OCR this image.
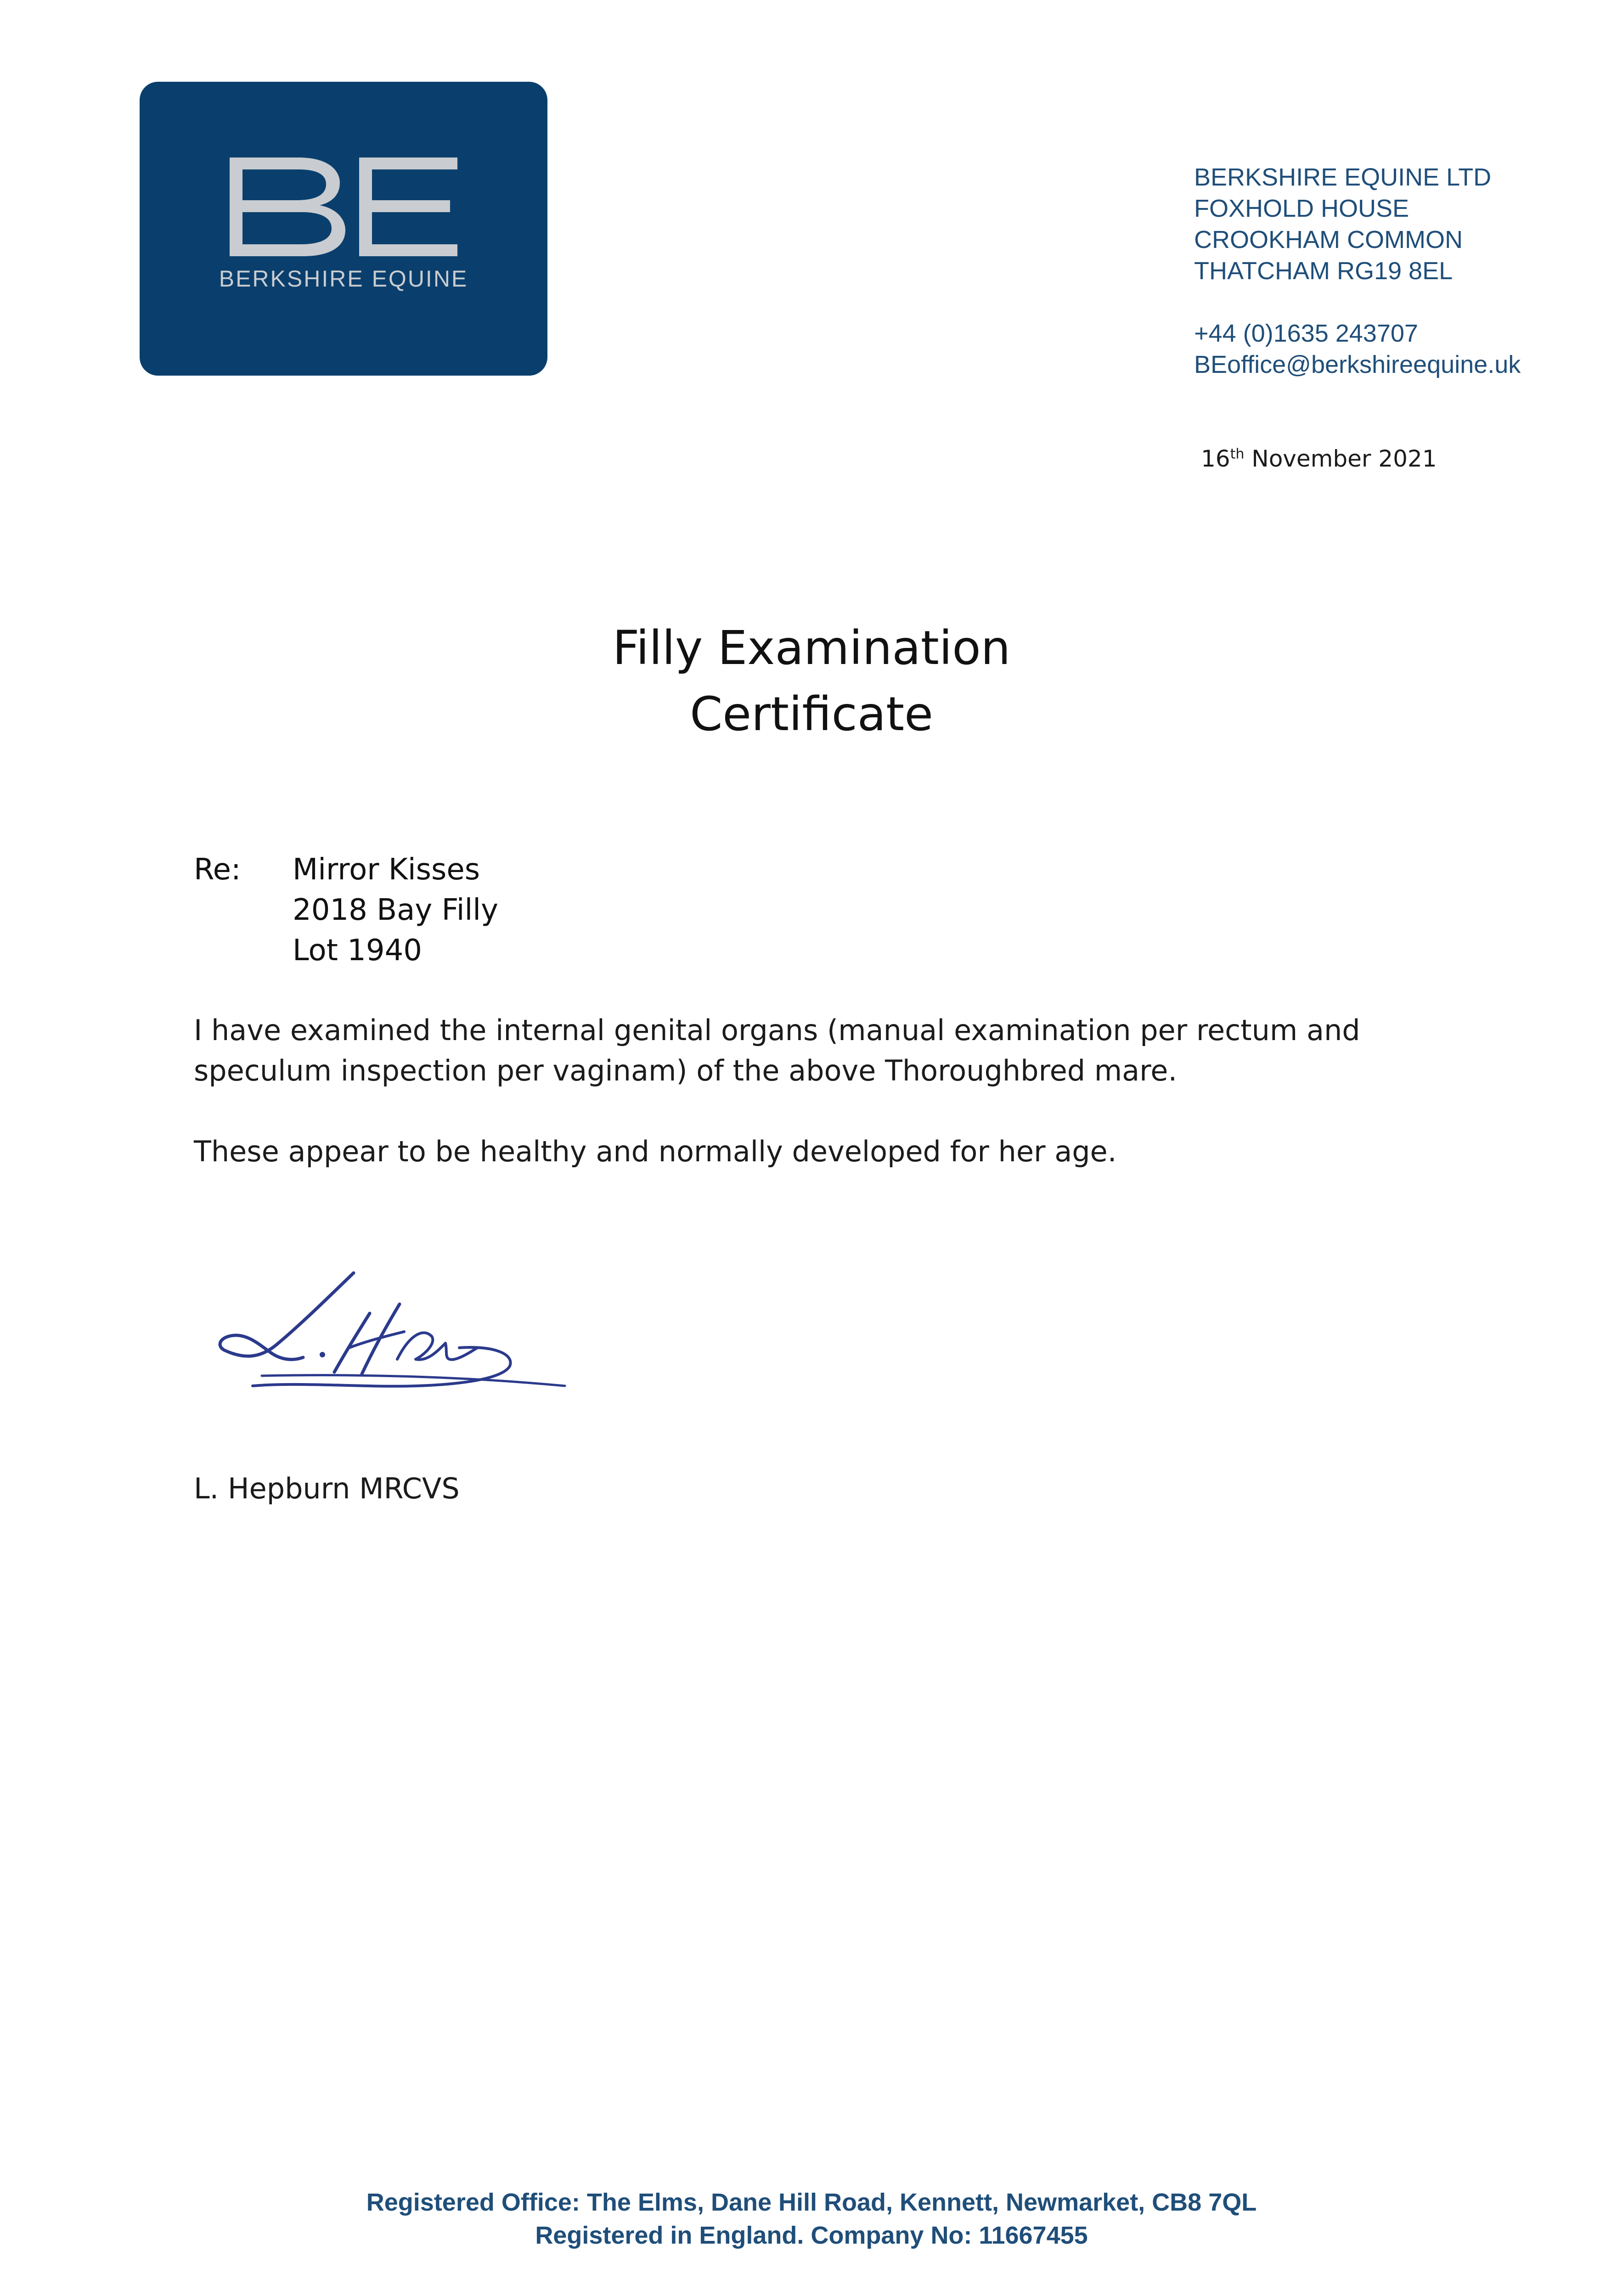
BERKSHIRE EQUINE
BERKSHIRE EQUINE LTD
FOXHOLD HOUSE
CROOKHAM COMMON
THATCHAM RG19 8EL
+44 (0)1635 243707
BEoffice@berkshireequine.uk
16th November 2021
Filly Examination
Certificate
Re: Mirror Kisses
2018 Bay Filly
Lot 1940

I have examined the internal genital organs (manual examination per rectum and speculum inspection per vaginam) of the above Thoroughbred mare.

These appear to be healthy and normally developed for her age.

L. Hepburn MRCVS
Registered Office: The Elms, Dane Hill Road, Kennett, Newmarket, CB8 7QL
Registered in England. Company No: 11667455
